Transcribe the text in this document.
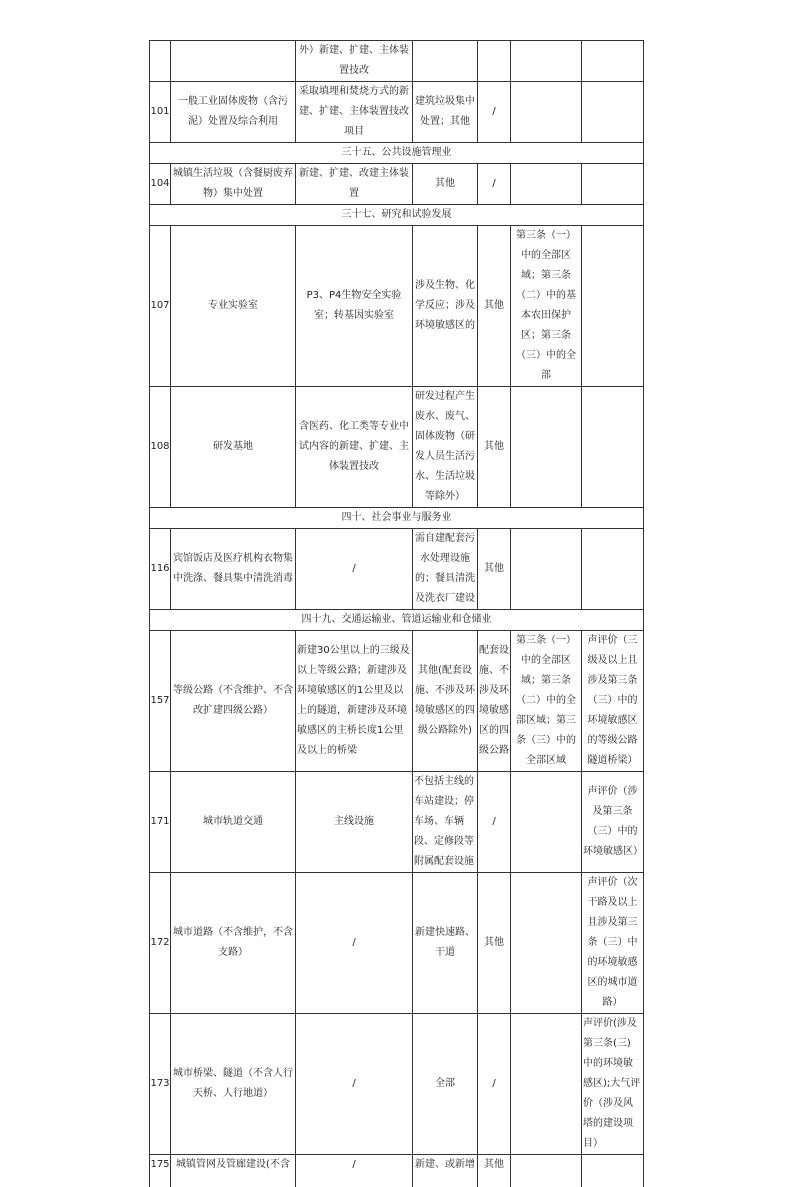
		外）新建、扩建、主体装置技改				
101	一般工业固体废物（含污泥）处置及综合利用	采取填埋和焚烧方式的新建、扩建、主体装置技改项目	建筑垃圾集中处置；其他	/		
三十五、公共设施管理业						
104	城镇生活垃圾（含餐厨废弃物）集中处置	新建、扩建、改建主体装置	其他	/		
三十七、研究和试验发展						
107	专业实验室	P3、P4生物安全实验室；转基因实验室	涉及生物、化学反应；涉及环境敏感区的	其他	第三条（一）中的全部区域；第三条（二）中的基本农田保护区；第三条（三）中的全部	
108	研发基地	含医药、化工类等专业中试内容的新建、扩建、主体装置技改	研发过程产生废水、废气、固体废物（研发人员生活污水、生活垃圾等除外）	其他		
四十、社会事业与服务业						
116	宾馆饭店及医疗机构衣物集中洗涤、餐具集中清洗消毒	/	需自建配套污水处理设施的；餐具清洗及洗衣厂建设	其他		
四十九、交通运输业、管道运输业和仓储业						
157	等级公路（不含维护、不含改扩建四级公路）	新建30公里以上的三级及以上等级公路；新建涉及环境敏感区的1公里及以上的隧道，新建涉及环境敏感区的主桥长度1公里及以上的桥梁	其他(配套设施、不涉及环境敏感区的四级公路除外)	配套设施、不涉及环境敏感区的四级公路	第三条（一）中的全部区域；第三条（二）中的全部区域；第三条（三）中的全部区域	声评价（三级及以上且涉及第三条（三）中的环境敏感区的等级公路隧道桥梁）
171	城市轨道交通	主线设施	不包括主线的车站建设；停车场、车辆段、定修段等附属配套设施	/		声评价（涉及第三条（三）中的环境敏感区）
172	城市道路（不含维护，不含支路）	/	新建快速路、干道	其他		声评价（次干路及以上且涉及第三条（三）中的环境敏感区的城市道路）
173	城市桥梁、隧道（不含人行天桥、人行地道）	/	全部	/		声评价(涉及第三条(三) 中的环境敏感区);大气评价（涉及风塔的建设项目）
175	城镇管网及管廊建设(不含	/	新建、或新增	其他		
